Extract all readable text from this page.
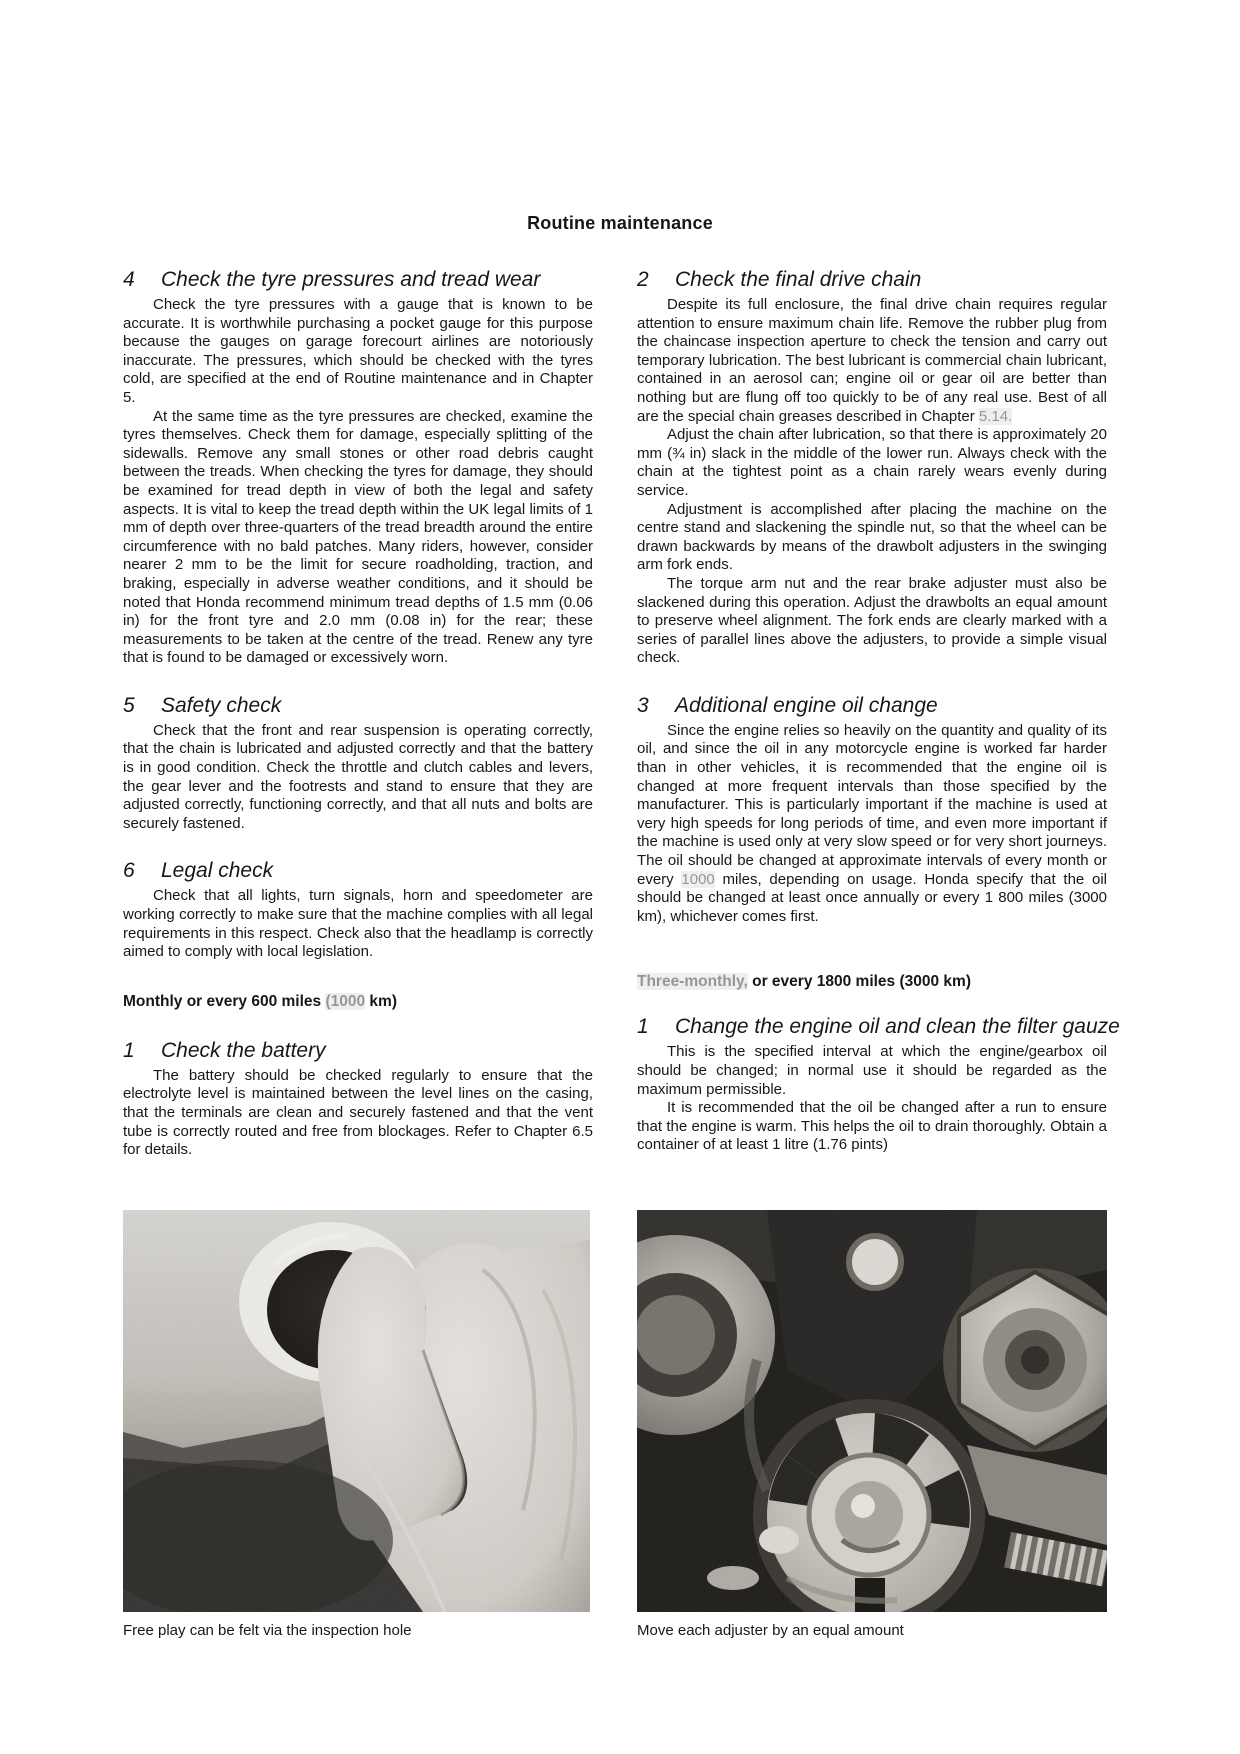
Routine maintenance
4 Check the tyre pressures and tread wear

Check the tyre pressures with a gauge that is known to be accurate. It is worthwhile purchasing a pocket gauge for this purpose because the gauges on garage forecourt airlines are notoriously inaccurate. The pressures, which should be checked with the tyres cold, are specified at the end of Routine maintenance and in Chapter 5.

At the same time as the tyre pressures are checked, examine the tyres themselves. Check them for damage, especially splitting of the sidewalls. Remove any small stones or other road debris caught between the treads. When checking the tyres for damage, they should be examined for tread depth in view of both the legal and safety aspects. It is vital to keep the tread depth within the UK legal limits of 1 mm of depth over three-quarters of the tread breadth around the entire circumference with no bald patches. Many riders, however, consider nearer 2 mm to be the limit for secure roadholding, traction, and braking, especially in adverse weather conditions, and it should be noted that Honda recommend minimum tread depths of 1.5 mm (0.06 in) for the front tyre and 2.0 mm (0.08 in) for the rear; these measurements to be taken at the centre of the tread. Renew any tyre that is found to be damaged or excessively worn.

5 Safety check

Check that the front and rear suspension is operating correctly, that the chain is lubricated and adjusted correctly and that the battery is in good condition. Check the throttle and clutch cables and levers, the gear lever and the footrests and stand to ensure that they are adjusted correctly, functioning correctly, and that all nuts and bolts are securely fastened.

6 Legal check

Check that all lights, turn signals, horn and speedometer are working correctly to make sure that the machine complies with all legal requirements in this respect. Check also that the headlamp is correctly aimed to comply with local legislation.

Monthly or every 600 miles (1000 km)
1 Check the battery

The battery should be checked regularly to ensure that the electrolyte level is maintained between the level lines on the casing, that the terminals are clean and securely fastened and that the vent tube is correctly routed and free from blockages. Refer to Chapter 6.5 for details.

2 Check the final drive chain

Despite its full enclosure, the final drive chain requires regular attention to ensure maximum chain life. Remove the rubber plug from the chaincase inspection aperture to check the tension and carry out temporary lubrication. The best lubricant is commercial chain lubricant, contained in an aerosol can; engine oil or gear oil are better than nothing but are flung off too quickly to be of any real use. Best of all are the special chain greases described in Chapter 5.14.

Adjust the chain after lubrication, so that there is approximately 20 mm (¾ in) slack in the middle of the lower run. Always check with the chain at the tightest point as a chain rarely wears evenly during service.

Adjustment is accomplished after placing the machine on the centre stand and slackening the spindle nut, so that the wheel can be drawn backwards by means of the drawbolt adjusters in the swinging arm fork ends.

The torque arm nut and the rear brake adjuster must also be slackened during this operation. Adjust the drawbolts an equal amount to preserve wheel alignment. The fork ends are clearly marked with a series of parallel lines above the adjusters, to provide a simple visual check.

3 Additional engine oil change

Since the engine relies so heavily on the quantity and quality of its oil, and since the oil in any motorcycle engine is worked far harder than in other vehicles, it is recommended that the engine oil is changed at more frequent intervals than those specified by the manufacturer. This is particularly important if the machine is used at very high speeds for long periods of time, and even more important if the machine is used only at very slow speed or for very short journeys. The oil should be changed at approximate intervals of every month or every 1000 miles, depending on usage. Honda specify that the oil should be changed at least once annually or every 1 800 miles (3000 km), whichever comes first.

Three-monthly, or every 1800 miles (3000 km)
1 Change the engine oil and clean the filter gauze

This is the specified interval at which the engine/gearbox oil should be changed; in normal use it should be regarded as the maximum permissible.

It is recommended that the oil be changed after a run to ensure that the engine is warm. This helps the oil to drain thoroughly. Obtain a container of at least 1 litre (1.76 pints)

Free play can be felt via the inspection hole	Move each adjuster by an equal amount
